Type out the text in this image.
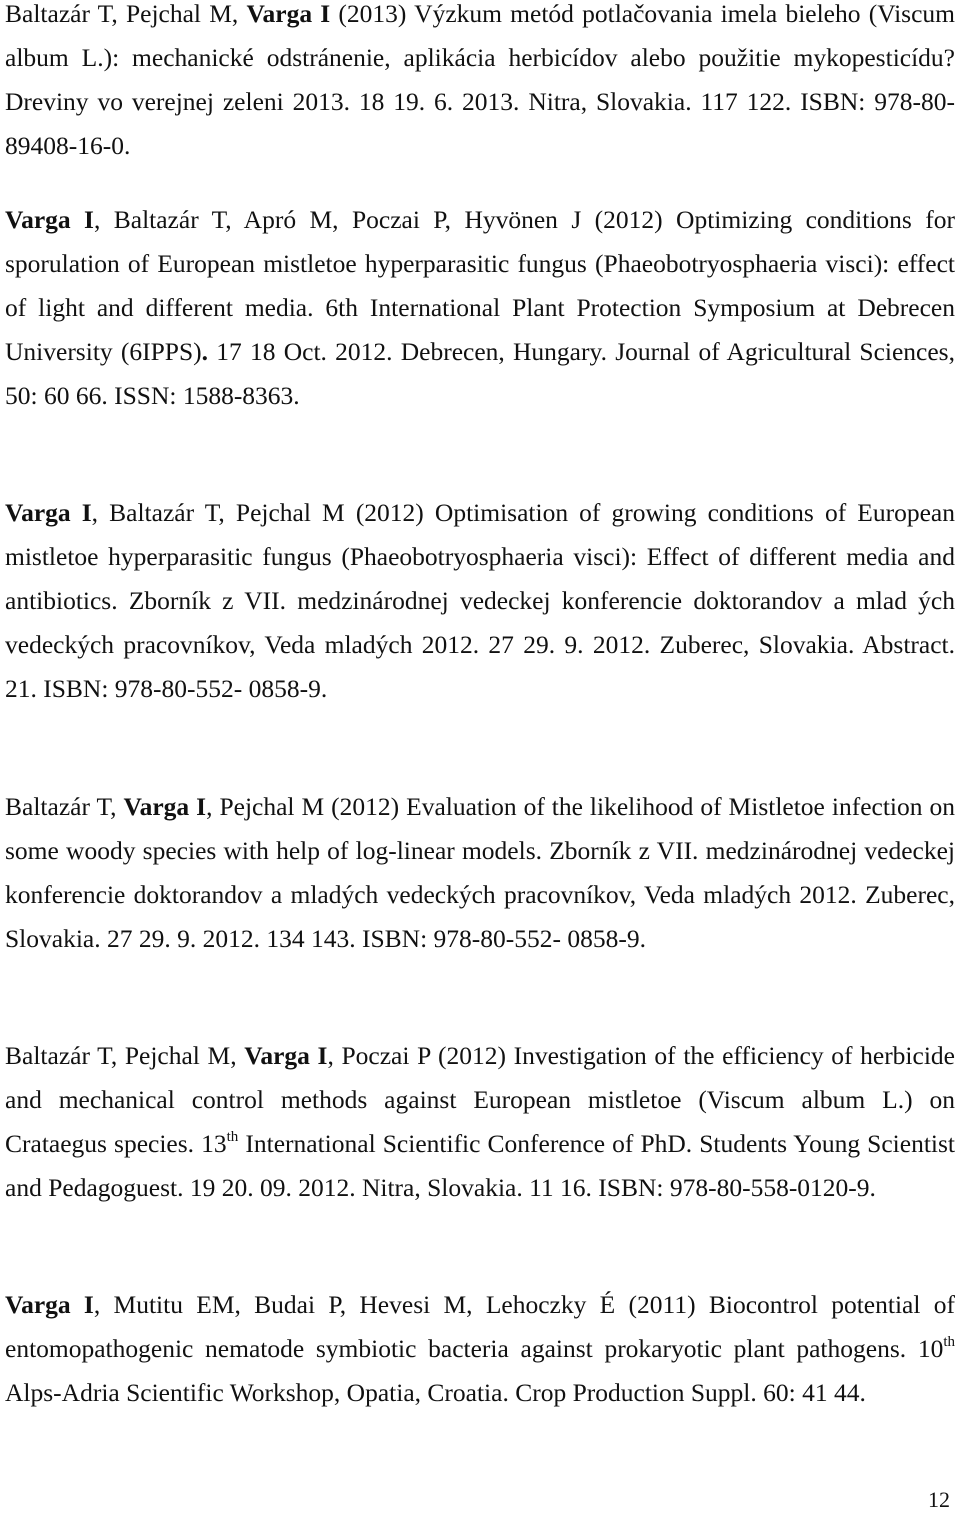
Baltazár T, Pejchal M, Varga I (2013) Výzkum metód potlačovania imela bieleho (Viscum album L.): mechanické odstránenie, aplikácia herbicídov alebo použitie mykopesticídu? Dreviny vo verejnej zeleni 2013. 18 19. 6. 2013. Nitra, Slovakia. 117 122. ISBN: 978-80-89408-16-0.

Varga I, Baltazár T, Apró M, Poczai P, Hyvönen J (2012) Optimizing conditions for sporulation of European mistletoe hyperparasitic fungus (Phaeobotryosphaeria visci): effect of light and different media. 6th International Plant Protection Symposium at Debrecen University (6IPPS). 17 18 Oct. 2012. Debrecen, Hungary. Journal of Agricultural Sciences, 50: 60 66. ISSN: 1588-8363.

Varga I, Baltazár T, Pejchal M (2012) Optimisation of growing conditions of European mistletoe hyperparasitic fungus (Phaeobotryosphaeria visci): Effect of different media and antibiotics. Zborník z VII. medzinárodnej vedeckej konferencie doktorandov a mlad ých vedeckých pracovníkov, Veda mladých 2012. 27 29. 9. 2012. Zuberec, Slovakia. Abstract. 21. ISBN: 978-80-552- 0858-9.

Baltazár T, Varga I, Pejchal M (2012) Evaluation of the likelihood of Mistletoe infection on some woody species with help of log-linear models. Zborník z VII. medzinárodnej vedeckej konferencie doktorandov a mladých vedeckých pracovníkov, Veda mladých 2012. Zuberec, Slovakia. 27 29. 9. 2012. 134 143. ISBN: 978-80-552- 0858-9.

Baltazár T, Pejchal M, Varga I, Poczai P (2012) Investigation of the efficiency of herbicide and mechanical control methods against European mistletoe (Viscum album L.) on Crataegus species. 13th International Scientific Conference of PhD. Students Young Scientist and Pedagoguest. 19 20. 09. 2012. Nitra, Slovakia. 11 16. ISBN: 978-80-558-0120-9.

Varga I, Mutitu EM, Budai P, Hevesi M, Lehoczky É (2011) Biocontrol potential of entomopathogenic nematode symbiotic bacteria against prokaryotic plant pathogens. 10th Alps-Adria Scientific Workshop, Opatia, Croatia. Crop Production Suppl. 60: 41 44.

12
